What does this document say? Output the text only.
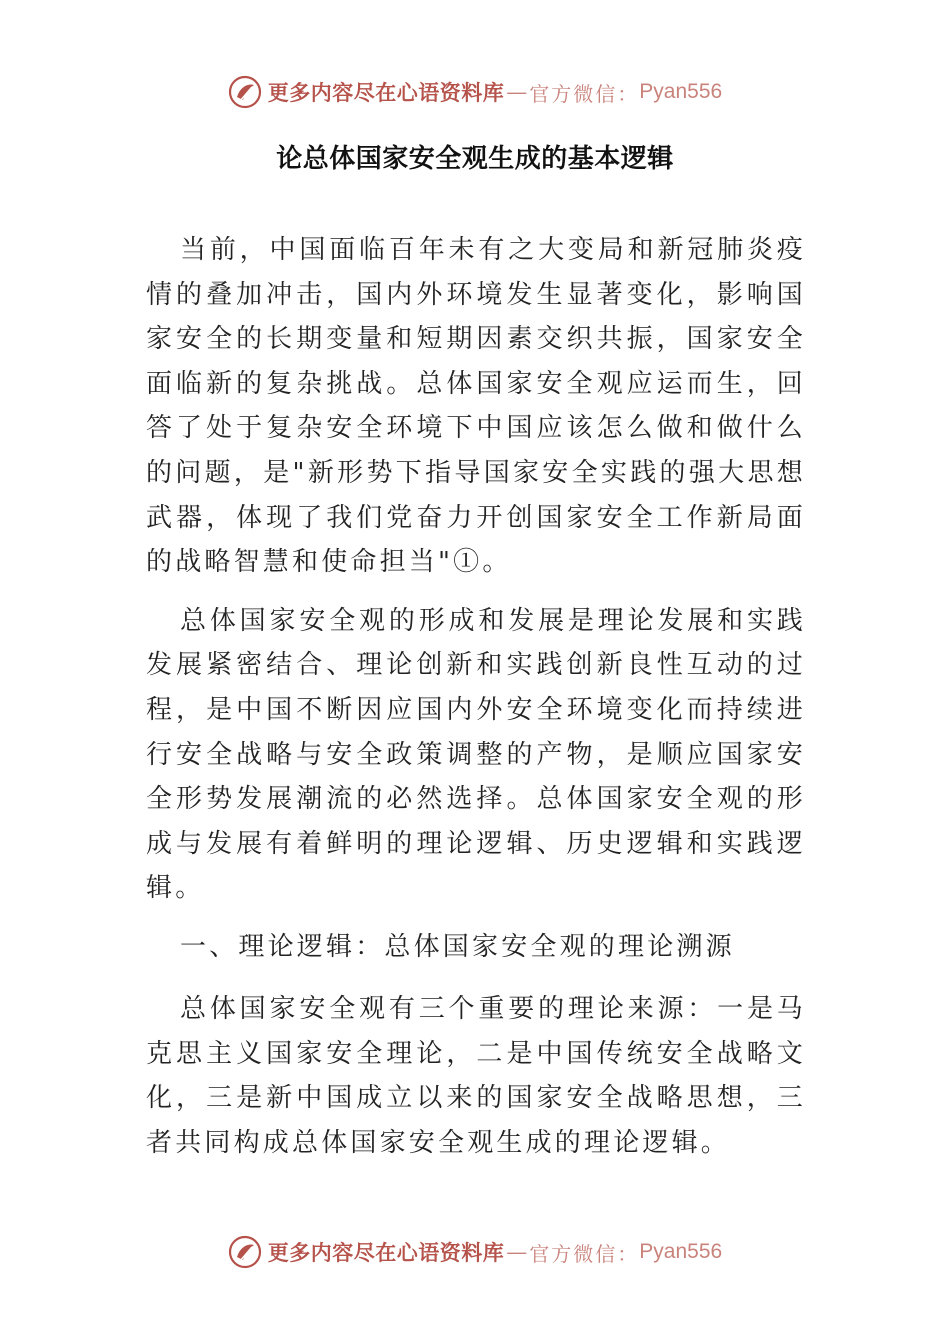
更多内容尽在心语资料库 — 官方微信： Pyan556
论总体国家安全观生成的基本逻辑

当前，中国面临百年未有之大变局和新冠肺炎疫情的叠加冲击，国内外环境发生显著变化，影响国家安全的长期变量和短期因素交织共振，国家安全面临新的复杂挑战。总体国家安全观应运而生，回答了处于复杂安全环境下中国应该怎么做和做什么的问题，是"新形势下指导国家安全实践的强大思想武器，体现了我们党奋力开创国家安全工作新局面的战略智慧和使命担当"①。

总体国家安全观的形成和发展是理论发展和实践发展紧密结合、理论创新和实践创新良性互动的过程，是中国不断因应国内外安全环境变化而持续进行安全战略与安全政策调整的产物，是顺应国家安全形势发展潮流的必然选择。总体国家安全观的形成与发展有着鲜明的理论逻辑、历史逻辑和实践逻辑。

一、理论逻辑：总体国家安全观的理论溯源

总体国家安全观有三个重要的理论来源：一是马克思主义国家安全理论，二是中国传统安全战略文化，三是新中国成立以来的国家安全战略思想，三者共同构成总体国家安全观生成的理论逻辑。

更多内容尽在心语资料库 — 官方微信： Pyan556
